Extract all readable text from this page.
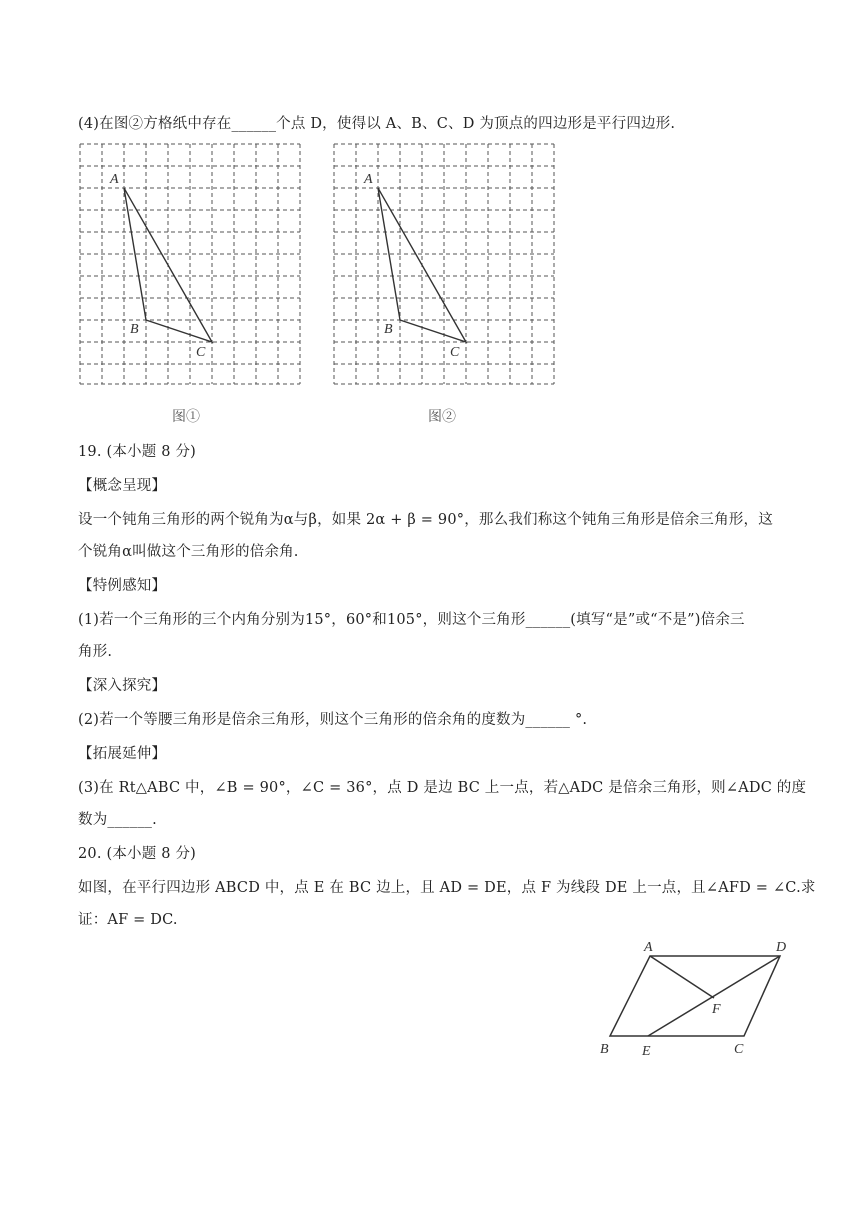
(4)在图②方格纸中存在______个点 D，使得以 A、B、C、D 为顶点的四边形是平行四边形.
A
B
C
图①
A
B
C
图②
19. (本小题 8 分)
【概念呈现】
设一个钝角三角形的两个锐角为α与β，如果 2α + β = 90°，那么我们称这个钝角三角形是倍余三角形，这
个锐角α叫做这个三角形的倍余角.
【特例感知】
(1)若一个三角形的三个内角分别为15°，60°和105°，则这个三角形______(填写“是”或“不是”)倍余三
角形.
【深入探究】
(2)若一个等腰三角形是倍余三角形，则这个三角形的倍余角的度数为______ °.
【拓展延伸】
(3)在 Rt△ABC 中，∠B = 90°，∠C = 36°，点 D 是边 BC 上一点，若△ADC 是倍余三角形，则∠ADC 的度
数为______.
20. (本小题 8 分)
如图，在平行四边形 ABCD 中，点 E 在 BC 边上，且 AD = DE，点 F 为线段 DE 上一点，且∠AFD = ∠C.求
证：AF = DC.
A	D
F
B E	C
